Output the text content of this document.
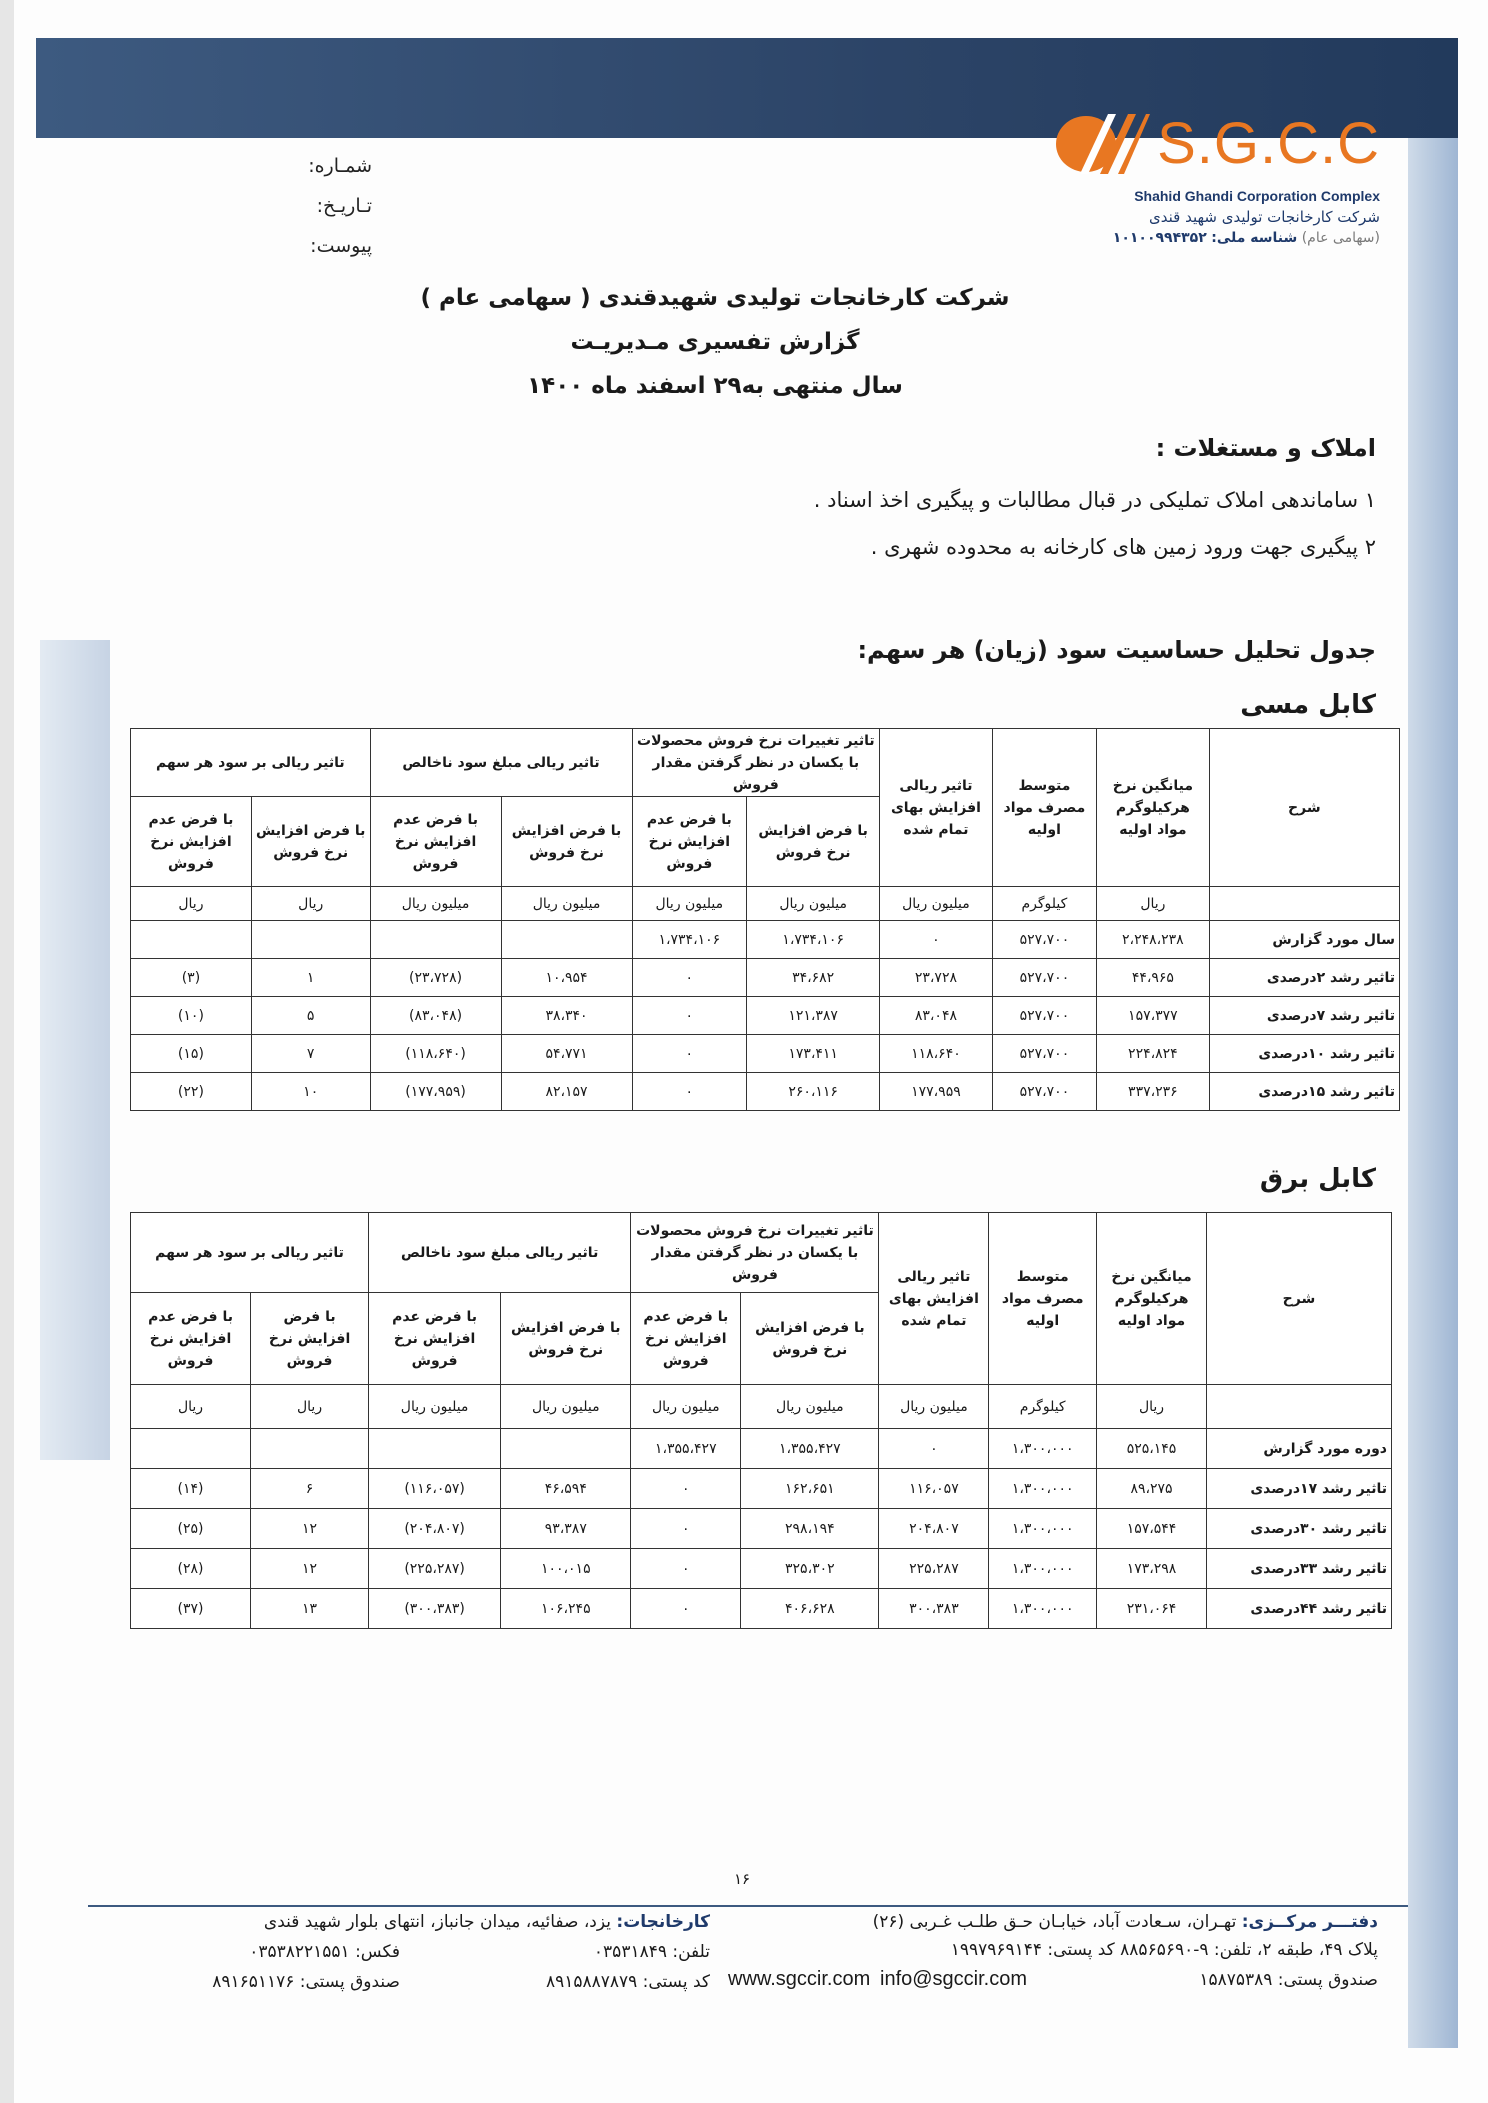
S.G.C.C
Shahid Ghandi Corporation Complex
شرکت کارخانجات تولیدی شهید قندی
(سهامی عام) شناسه ملی: ۱۰۱۰۰۹۹۴۳۵۲
شمـاره:
تـاریـخ:
پیوست:
شرکت کارخانجات تولیدی شهیدقندی ( سهامی عام )
گزارش تفسیری مـدیریـت
سال منتهی به۲۹ اسفند ماه ۱۴۰۰
املاک و مستغلات :
۱ ساماندهی املاک تملیکی در قبال مطالبات و پیگیری اخذ اسناد .
۲ پیگیری جهت ورود زمین های کارخانه به محدوده شهری .
جدول تحلیل حساسیت سود (زیان) هر سهم:
کابل مسی
شرح	میانگین نرخ هرکیلوگرم مواد اولیه	متوسط مصرف مواد اولیه	تاثیر ریالی افزایش بهای تمام شده	تاثیر تغییرات نرخ فروش محصولات با یکسان در نظر گرفتن مقدار فروش		تاثیر ریالی مبلغ سود ناخالص		تاثیر ریالی بر سود هر سهم	
				با فرض افزایش نرخ فروش	با فرض عدم افزایش نرخ فروش	با فرض افزایش نرخ فروش	با فرض عدم افزایش نرخ فروش	با فرض افزایش نرخ فروش	با فرض عدم افزایش نرخ فروش
	ریال	کیلوگرم	میلیون ریال	میلیون ریال	میلیون ریال	میلیون ریال	میلیون ریال	ریال	ریال
سال مورد گزارش	۲،۲۴۸،۲۳۸	۵۲۷،۷۰۰	۰	۱،۷۳۴،۱۰۶	۱،۷۳۴،۱۰۶				
تاثیر رشد ۲درصدی	۴۴،۹۶۵	۵۲۷،۷۰۰	۲۳،۷۲۸	۳۴،۶۸۲	۰	۱۰،۹۵۴	(۲۳،۷۲۸)	۱	(۳)
تاثیر رشد ۷درصدی	۱۵۷،۳۷۷	۵۲۷،۷۰۰	۸۳،۰۴۸	۱۲۱،۳۸۷	۰	۳۸،۳۴۰	(۸۳،۰۴۸)	۵	(۱۰)
تاثیر رشد ۱۰درصدی	۲۲۴،۸۲۴	۵۲۷،۷۰۰	۱۱۸،۶۴۰	۱۷۳،۴۱۱	۰	۵۴،۷۷۱	(۱۱۸،۶۴۰)	۷	(۱۵)
تاثیر رشد ۱۵درصدی	۳۳۷،۲۳۶	۵۲۷،۷۰۰	۱۷۷،۹۵۹	۲۶۰،۱۱۶	۰	۸۲،۱۵۷	(۱۷۷،۹۵۹)	۱۰	(۲۲)
کابل برق
شرح	میانگین نرخ هرکیلوگرم مواد اولیه	متوسط مصرف مواد اولیه	تاثیر ریالی افزایش بهای تمام شده	تاثیر تغییرات نرخ فروش محصولات با یکسان در نظر گرفتن مقدار فروش		تاثیر ریالی مبلغ سود ناخالص		تاثیر ریالی بر سود هر سهم	
				با فرض افزایش نرخ فروش	با فرض عدم افزایش نرخ فروش	با فرض افزایش نرخ فروش	با فرض عدم افزایش نرخ فروش	با فرض افزایش نرخ فروش	با فرض عدم افزایش نرخ فروش
	ریال	کیلوگرم	میلیون ریال	میلیون ریال	میلیون ریال	میلیون ریال	میلیون ریال	ریال	ریال
دوره مورد گزارش	۵۲۵،۱۴۵	۱،۳۰۰،۰۰۰	۰	۱،۳۵۵،۴۲۷	۱،۳۵۵،۴۲۷				
تاثیر رشد ۱۷درصدی	۸۹،۲۷۵	۱،۳۰۰،۰۰۰	۱۱۶،۰۵۷	۱۶۲،۶۵۱	۰	۴۶،۵۹۴	(۱۱۶،۰۵۷)	۶	(۱۴)
تاثیر رشد ۳۰درصدی	۱۵۷،۵۴۴	۱،۳۰۰،۰۰۰	۲۰۴،۸۰۷	۲۹۸،۱۹۴	۰	۹۳،۳۸۷	(۲۰۴،۸۰۷)	۱۲	(۲۵)
تاثیر رشد ۳۳درصدی	۱۷۳،۲۹۸	۱،۳۰۰،۰۰۰	۲۲۵،۲۸۷	۳۲۵،۳۰۲	۰	۱۰۰،۰۱۵	(۲۲۵،۲۸۷)	۱۲	(۲۸)
تاثیر رشد ۴۴درصدی	۲۳۱،۰۶۴	۱،۳۰۰،۰۰۰	۳۰۰،۳۸۳	۴۰۶،۶۲۸	۰	۱۰۶،۲۴۵	(۳۰۰،۳۸۳)	۱۳	(۳۷)
۱۶
دفتـــر مرکــزی: تهـران، سـعادت آباد، خیابـان حـق طلـب غـربی (۲۶)
پلاک ۴۹، طبقه ۲، تلفن: ۹-۸۸۵۶۵۶۹۰ کد پستی: ۱۹۹۷۹۶۹۱۴۴
صندوق پستی: ۱۵۸۷۵۳۸۹
info@sgccir.com
www.sgccir.com
کارخانجات: یزد، صفائیه، میدان جانباز، انتهای بلوار شهید قندی
تلفن: ۰۳۵۳۱۸۴۹
فکس: ۰۳۵۳۸۲۲۱۵۵۱
کد پستی: ۸۹۱۵۸۸۷۸۷۹
صندوق پستی: ۸۹۱۶۵۱۱۷۶
